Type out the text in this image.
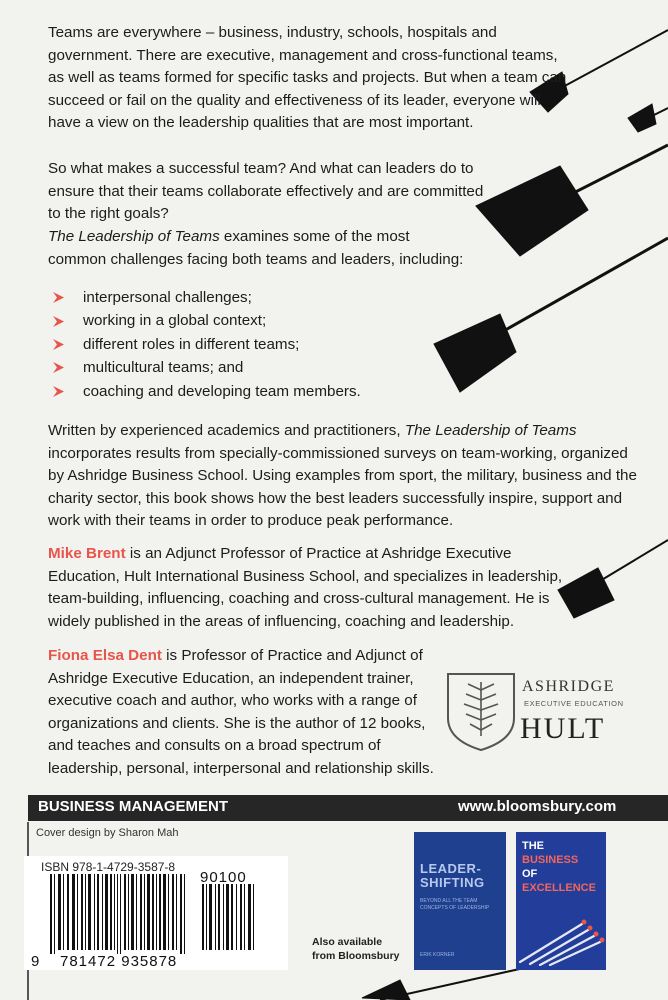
Teams are everywhere – business, industry, schools, hospitals and government. There are executive, management and cross-functional teams, as well as teams formed for specific tasks and projects. But when a team can succeed or fail on the quality and effectiveness of its leader, everyone will have a view on the leadership qualities that are most important.
So what makes a successful team? And what can leaders do to ensure that their teams collaborate effectively and are committed to the right goals?
The Leadership of Teams examines some of the most common challenges facing both teams and leaders, including:
interpersonal challenges;
working in a global context;
different roles in different teams;
multicultural teams; and
coaching and developing team members.
Written by experienced academics and practitioners, The Leadership of Teams incorporates results from specially-commissioned surveys on team-working, organized by Ashridge Business School. Using examples from sport, the military, business and the charity sector, this book shows how the best leaders successfully inspire, support and work with their teams in order to produce peak performance.
Mike Brent is an Adjunct Professor of Practice at Ashridge Executive Education, Hult International Business School, and specializes in leadership, team-building, influencing, coaching and cross-cultural management. He is widely published in the areas of influencing, coaching and leadership.
Fiona Elsa Dent is Professor of Practice and Adjunct of Ashridge Executive Education, an independent trainer, executive coach and author, who works with a range of organizations and clients. She is the author of 12 books, and teaches and consults on a broad spectrum of leadership, personal, interpersonal and relationship skills.
ASHRIDGE
EXECUTIVE EDUCATION
HULT
BUSINESS MANAGEMENT	www.bloomsbury.com
Cover design by Sharon Mah
ISBN 978-1-4729-3587-8
90100
9 781472 935878
Also available
from Bloomsbury
LEADER-
SHIFTING
BEYOND ALL THE TEAM CONCEPTS OF LEADERSHIP
ERIK KORNER
THE
BUSINESS
OF
EXCELLENCE
